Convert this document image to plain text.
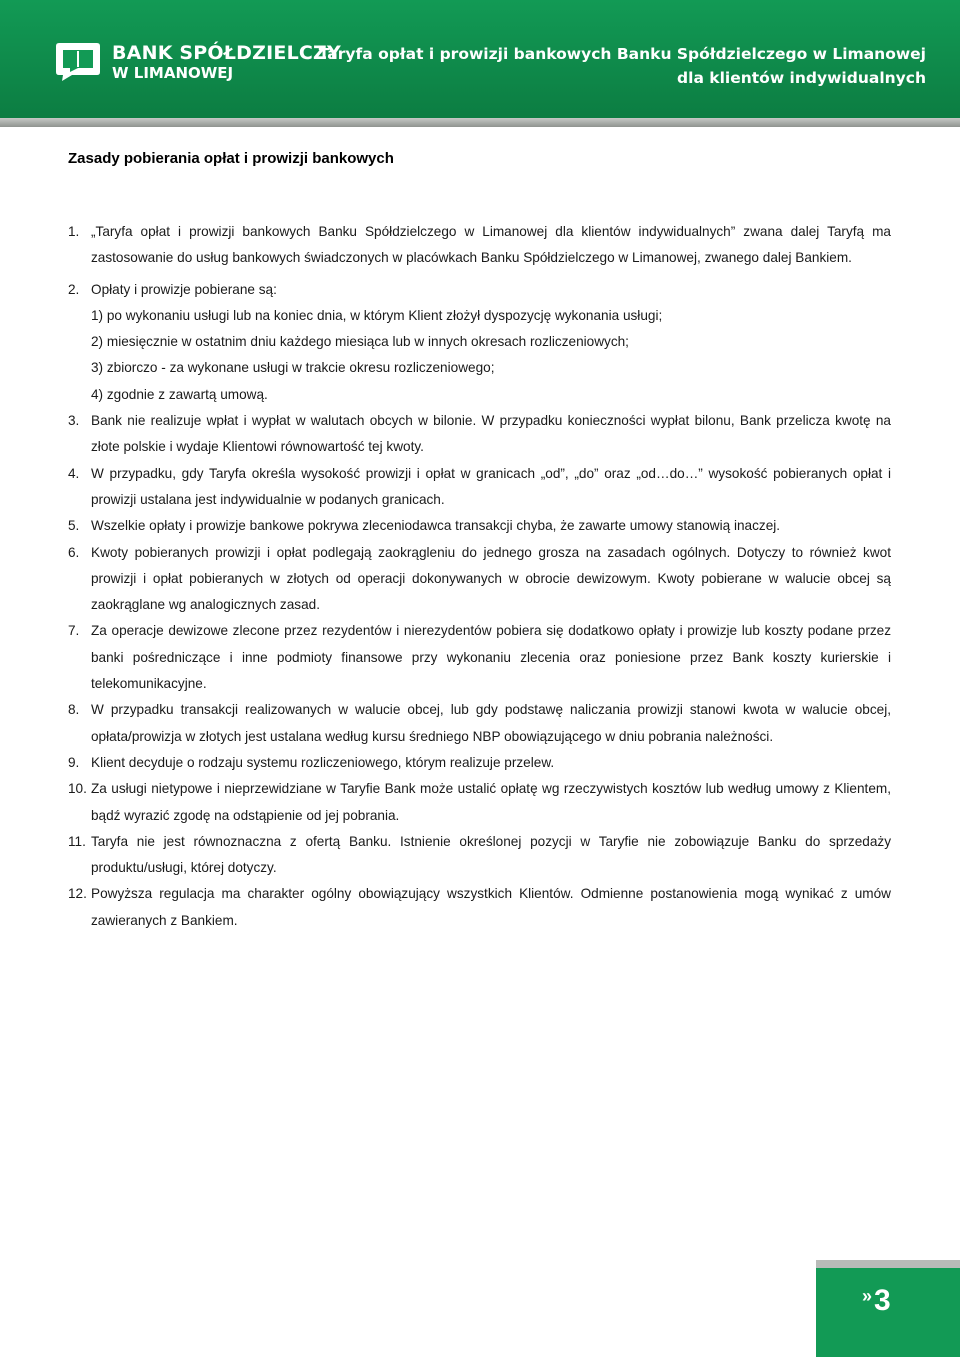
BANK SPÓŁDZIELCZY
W LIMANOWEJ
Taryfa opłat i prowizji bankowych Banku Spółdzielczego w Limanowej
dla klientów indywidualnych
Zasady pobierania opłat i prowizji bankowych
1. „Taryfa opłat i prowizji bankowych Banku Spółdzielczego w Limanowej dla klientów indywidualnych” zwana dalej Taryfą ma zastosowanie do usług bankowych świadczonych w placówkach Banku Spółdzielczego w Limanowej, zwanego dalej Bankiem.
2. Opłaty i prowizje pobierane są:
1) po wykonaniu usługi lub na koniec dnia, w którym Klient złożył dyspozycję wykonania usługi;
2) miesięcznie w ostatnim dniu każdego miesiąca lub w innych okresach rozliczeniowych;
3) zbiorczo - za wykonane usługi w trakcie okresu rozliczeniowego;
4) zgodnie z zawartą umową.
3. Bank nie realizuje wpłat i wypłat w walutach obcych w bilonie. W przypadku konieczności wypłat bilonu, Bank przelicza kwotę na złote polskie i wydaje Klientowi równowartość tej kwoty.
4. W przypadku, gdy Taryfa określa wysokość prowizji i opłat w granicach „od”, „do” oraz „od…do…” wysokość pobieranych opłat i prowizji ustalana jest indywidualnie w podanych granicach.
5. Wszelkie opłaty i prowizje bankowe pokrywa zleceniodawca transakcji chyba, że zawarte umowy stanowią inaczej.
6. Kwoty pobieranych prowizji i opłat podlegają zaokrągleniu do jednego grosza na zasadach ogólnych. Dotyczy to również kwot prowizji i opłat pobieranych w złotych od operacji dokonywanych w obrocie dewizowym. Kwoty pobierane w walucie obcej są zaokrąglane wg analogicznych zasad.
7. Za operacje dewizowe zlecone przez rezydentów i nierezydentów pobiera się dodatkowo opłaty i prowizje lub koszty podane przez banki pośredniczące i inne podmioty finansowe przy wykonaniu zlecenia oraz poniesione przez Bank koszty kurierskie i telekomunikacyjne.
8. W przypadku transakcji realizowanych w walucie obcej, lub gdy podstawę naliczania prowizji stanowi kwota w walucie obcej, opłata/prowizja w złotych jest ustalana według kursu średniego NBP obowiązującego w dniu pobrania należności.
9. Klient decyduje o rodzaju systemu rozliczeniowego, którym realizuje przelew.
10. Za usługi nietypowe i nieprzewidziane w Taryfie Bank może ustalić opłatę wg rzeczywistych kosztów lub według umowy z Klientem, bądź wyrazić zgodę na odstąpienie od jej pobrania.
11. Taryfa nie jest równoznaczna z ofertą Banku. Istnienie określonej pozycji w Taryfie nie zobowiązuje Banku do sprzedaży produktu/usługi, której dotyczy.
12. Powyższa regulacja ma charakter ogólny obowiązujący wszystkich Klientów. Odmienne postanowienia mogą wynikać z umów zawieranych z Bankiem.
» 3
